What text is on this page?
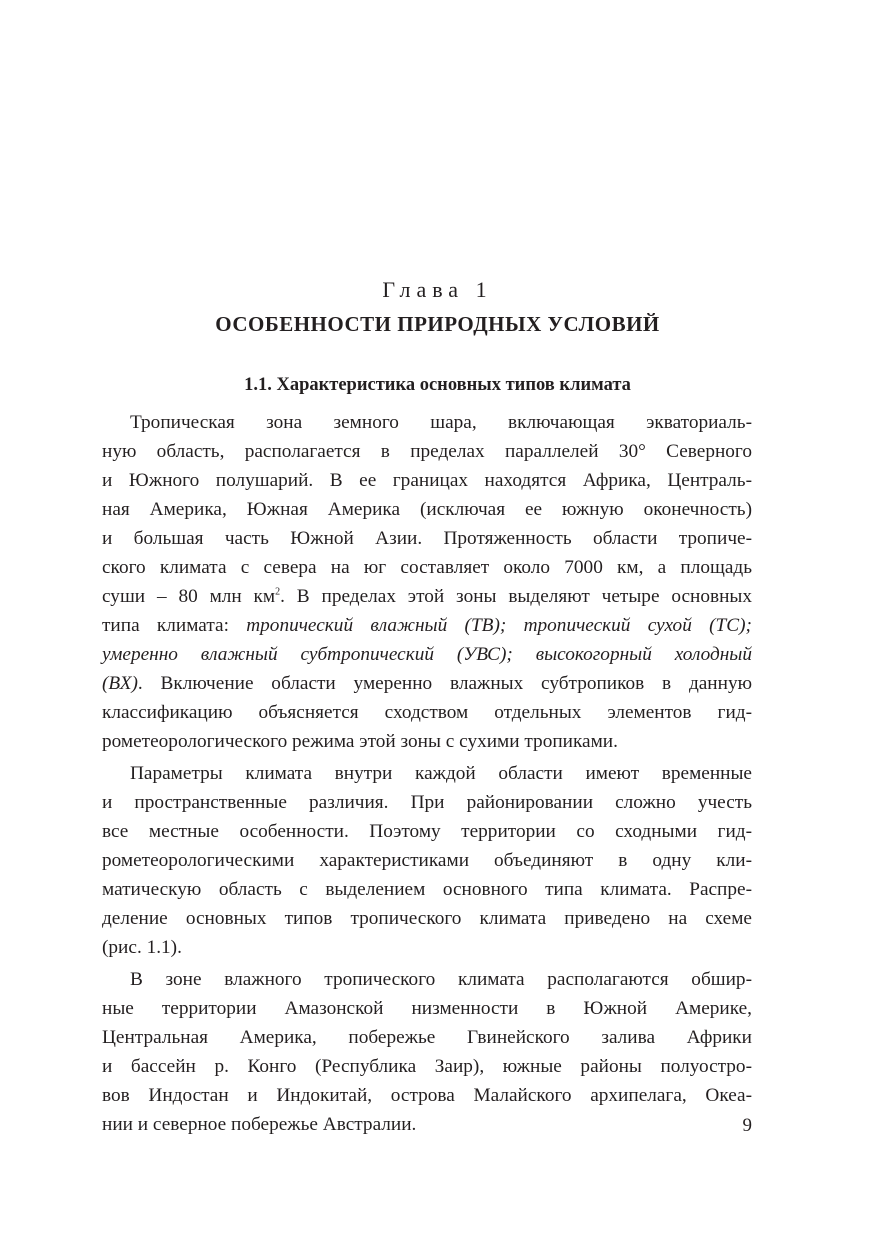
Глава 1
ОСОБЕННОСТИ ПРИРОДНЫХ УСЛОВИЙ
1.1. Характеристика основных типов климата

Тропическая зона земного шара, включающая экваториаль-
ную область, располагается в пределах параллелей 30° Северного
и Южного полушарий. В ее границах находятся Африка, Централь-
ная Америка, Южная Америка (исключая ее южную оконечность)
и большая часть Южной Азии. Протяженность области тропиче-
ского климата с севера на юг составляет около 7000 км, а площадь
суши – 80 млн $км^2$. В пределах этой зоны выделяют четыре основных
типа климата: тропический влажный (ТВ); тропический сухой (ТС);
умеренно влажный субтропический (УВС); высокогорный холодный
(ВХ). Включение области умеренно влажных субтропиков в данную
классификацию объясняется сходством отдельных элементов гид-
рометеорологического режима этой зоны с сухими тропиками.

Параметры климата внутри каждой области имеют временные
и пространственные различия. При районировании сложно учесть
все местные особенности. Поэтому территории со сходными гид-
рометеорологическими характеристиками объединяют в одну кли-
матическую область с выделением основного типа климата. Распре-
деление основных типов тропического климата приведено на схеме
(рис. 1.1).

В зоне влажного тропического климата располагаются обшир-
ные территории Амазонской низменности в Южной Америке,
Центральная Америка, побережье Гвинейского залива Африки
и бассейн р. Конго (Республика Заир), южные районы полуостро-
вов Индостан и Индокитай, острова Малайского архипелага, Океа-
нии и северное побережье Австралии.	9
